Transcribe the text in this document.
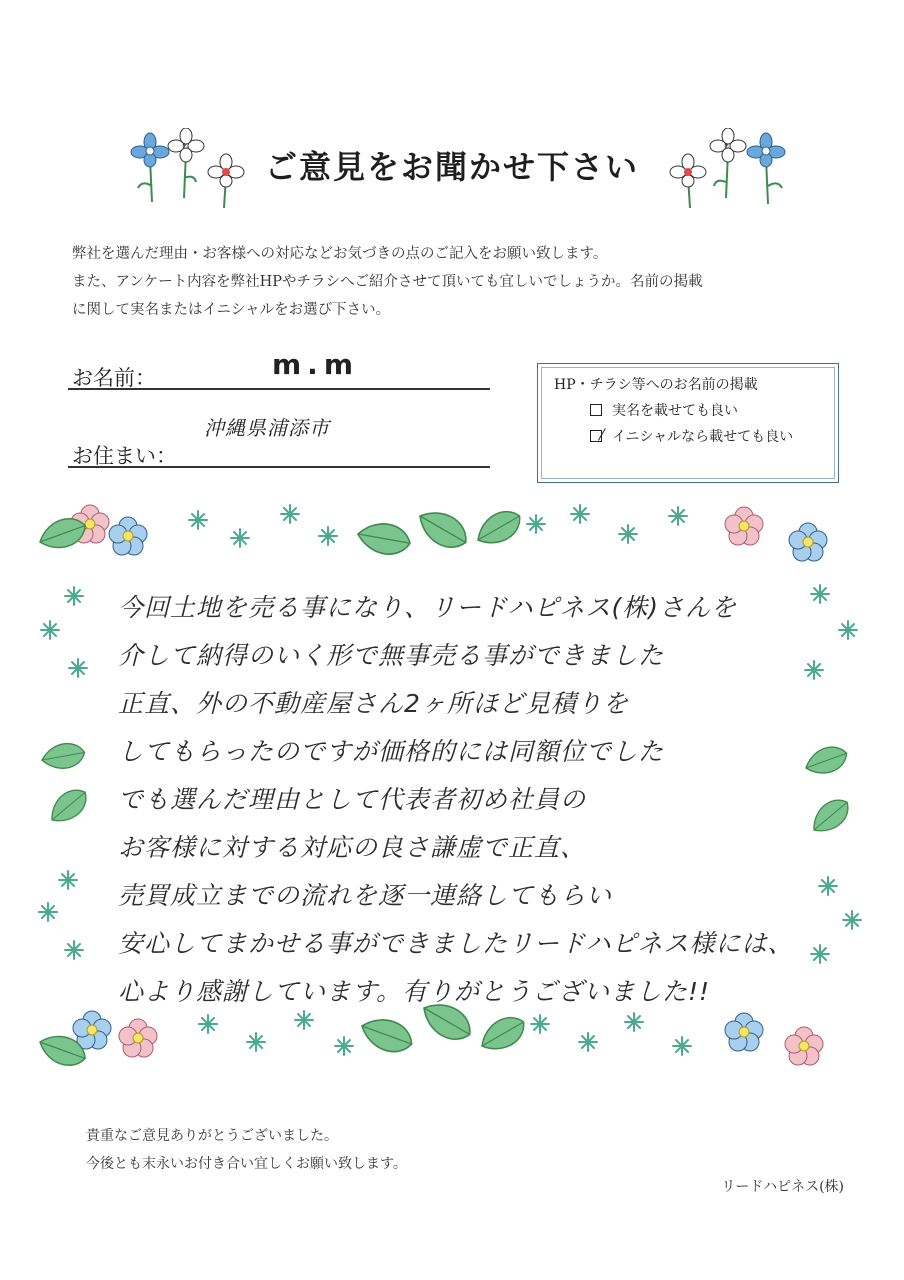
*
ご意見をお聞かせ下さい
*
弊社を選んだ理由・お客様への対応などお気づきの点のご記入をお願い致します。
また、アンケート内容を弊社HPやチラシへご紹介させて頂いても宜しいでしょうか。名前の掲載
に関して実名またはイニシャルをお選び下さい。
お名前：	m.m
沖縄県浦添市
お住まい：
HP・チラシ等へのお名前の掲載
実名を載せても良い
イニシャルなら載せても良い
今回土地を売る事になり、リードハピネス(株)さんを
介して納得のいく形で無事売る事ができました
正直、外の不動産屋さん2ヶ所ほど見積りを
してもらったのですが価格的には同額位でした
でも選んだ理由として代表者初め社員の
お客様に対する対応の良さ謙虚で正直、
売買成立までの流れを逐一連絡してもらい
安心してまかせる事ができましたリードハピネス様には、
心より感謝しています。有りがとうございました!!
貴重なご意見ありがとうございました。
今後とも末永いお付き合い宜しくお願い致します。
リードハピネス(株)
